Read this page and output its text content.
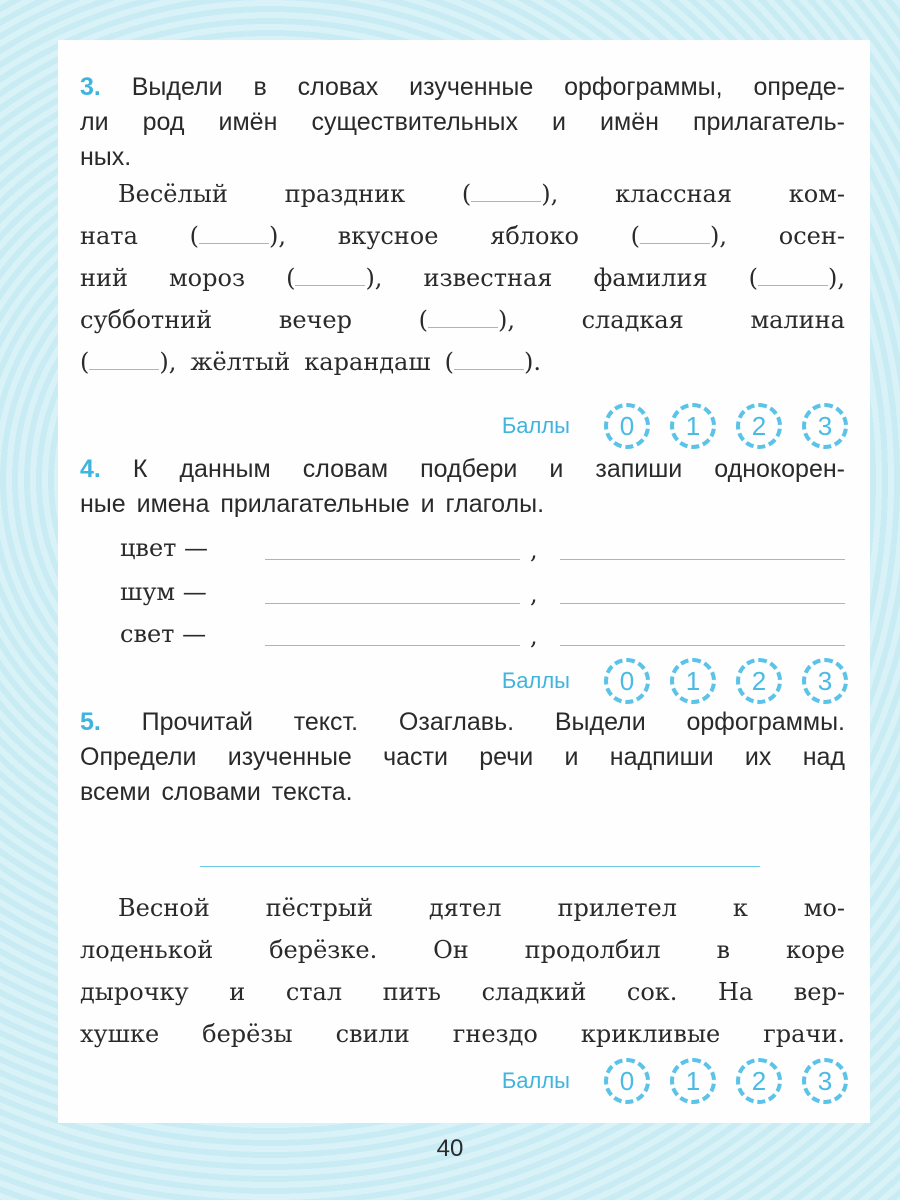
3. Выдели в словах изученные орфограммы, опреде-
ли род имён существительных и имён прилагатель-
ных.
Весёлый праздник (	), классная ком-
ната (	), вкусное яблоко (	), осен-
ний мороз (	), известная фамилия (	),
субботний	вечер	(	),	сладкая	малина
(	), жёлтый карандаш (	).
Баллы	0	1	2	3
4. К данным словам подбери и запиши однокорен-
ные имена прилагательные и глаголы.
цвет —	,
шум —	,
свет —	,
Баллы	0	1	2	3
5. Прочитай текст. Озаглавь. Выдели орфограммы.
Определи изученные части речи и надпиши их над
всеми словами текста.
Весной пёстрый дятел прилетел к мо-
лоденькой берёзке. Он продолбил в коре
дырочку и стал пить сладкий сок. На вер-
хушке берёзы свили гнездо крикливые грачи.
Баллы	0	1	2	3
40
